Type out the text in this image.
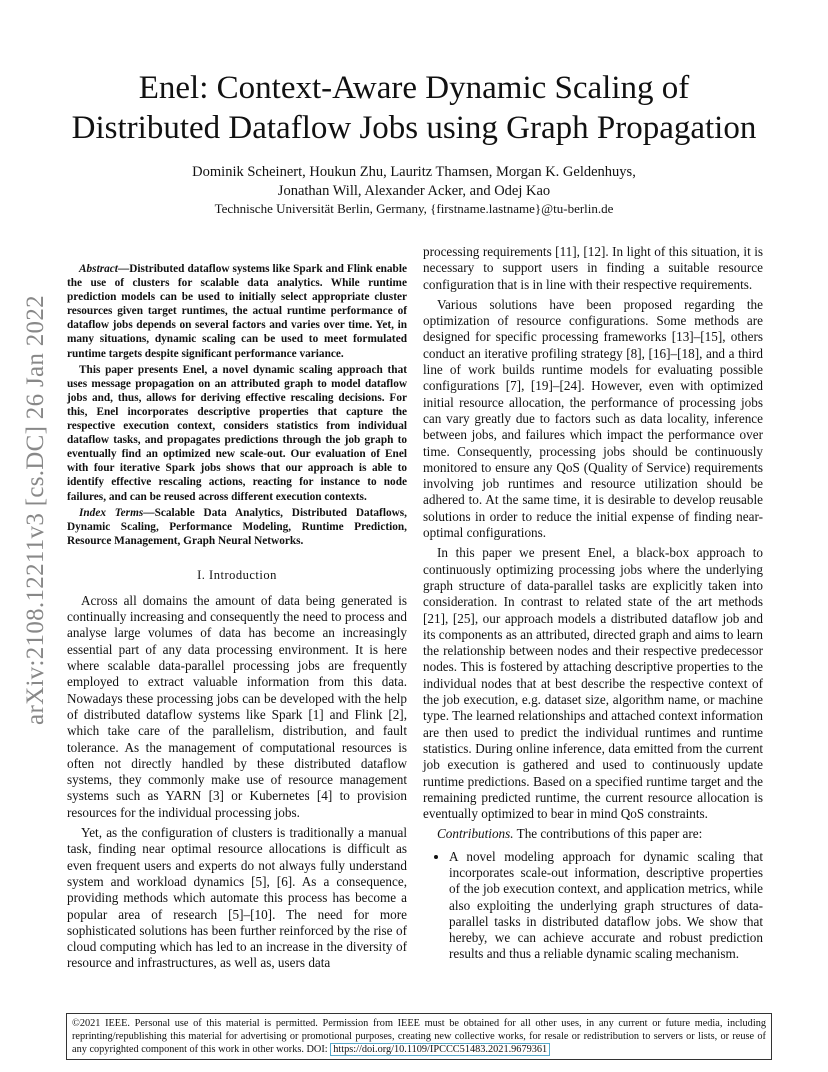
arXiv:2108.12211v3 [cs.DC] 26 Jan 2022
Enel: Context-Aware Dynamic Scaling of
Distributed Dataflow Jobs using Graph Propagation
Dominik Scheinert, Houkun Zhu, Lauritz Thamsen, Morgan K. Geldenhuys,
Jonathan Will, Alexander Acker, and Odej Kao
Technische Universität Berlin, Germany, {firstname.lastname}@tu-berlin.de

Abstract—Distributed dataflow systems like Spark and Flink enable the use of clusters for scalable data analytics. While runtime prediction models can be used to initially select appropriate cluster resources given target runtimes, the actual runtime performance of dataflow jobs depends on several factors and varies over time. Yet, in many situations, dynamic scaling can be used to meet formulated runtime targets despite significant performance variance.

This paper presents Enel, a novel dynamic scaling approach that uses message propagation on an attributed graph to model dataflow jobs and, thus, allows for deriving effective rescaling decisions. For this, Enel incorporates descriptive properties that capture the respective execution context, considers statistics from individual dataflow tasks, and propagates predictions through the job graph to eventually find an optimized new scale-out. Our evaluation of Enel with four iterative Spark jobs shows that our approach is able to identify effective rescaling actions, reacting for instance to node failures, and can be reused across different execution contexts.

Index Terms—Scalable Data Analytics, Distributed Dataflows, Dynamic Scaling, Performance Modeling, Runtime Prediction, Resource Management, Graph Neural Networks.

I. Introduction

Across all domains the amount of data being generated is continually increasing and consequently the need to process and analyse large volumes of data has become an increasingly essential part of any data processing environment. It is here where scalable data-parallel processing jobs are frequently employed to extract valuable information from this data. Nowadays these processing jobs can be developed with the help of distributed dataflow systems like Spark [1] and Flink [2], which take care of the parallelism, distribution, and fault tolerance. As the management of computational resources is often not directly handled by these distributed dataflow systems, they commonly make use of resource management systems such as YARN [3] or Kubernetes [4] to provision resources for the individual processing jobs.

Yet, as the configuration of clusters is traditionally a manual task, finding near optimal resource allocations is difficult as even frequent users and experts do not always fully understand system and workload dynamics [5], [6]. As a consequence, providing methods which automate this process has become a popular area of research [5]–[10]. The need for more sophisticated solutions has been further reinforced by the rise of cloud computing which has led to an increase in the diversity of resource and infrastructures, as well as, users data

processing requirements [11], [12]. In light of this situation, it is necessary to support users in finding a suitable resource configuration that is in line with their respective requirements.

Various solutions have been proposed regarding the optimization of resource configurations. Some methods are designed for specific processing frameworks [13]–[15], others conduct an iterative profiling strategy [8], [16]–[18], and a third line of work builds runtime models for evaluating possible configurations [7], [19]–[24]. However, even with optimized initial resource allocation, the performance of processing jobs can vary greatly due to factors such as data locality, inference between jobs, and failures which impact the performance over time. Consequently, processing jobs should be continuously monitored to ensure any QoS (Quality of Service) requirements involving job runtimes and resource utilization should be adhered to. At the same time, it is desirable to develop reusable solutions in order to reduce the initial expense of finding near-optimal configurations.

In this paper we present Enel, a black-box approach to continuously optimizing processing jobs where the underlying graph structure of data-parallel tasks are explicitly taken into consideration. In contrast to related state of the art methods [21], [25], our approach models a distributed dataflow job and its components as an attributed, directed graph and aims to learn the relationship between nodes and their respective predecessor nodes. This is fostered by attaching descriptive properties to the individual nodes that at best describe the respective context of the job execution, e.g. dataset size, algorithm name, or machine type. The learned relationships and attached context information are then used to predict the individual runtimes and runtime statistics. During online inference, data emitted from the current job execution is gathered and used to continuously update runtime predictions. Based on a specified runtime target and the remaining predicted runtime, the current resource allocation is eventually optimized to bear in mind QoS constraints.

Contributions. The contributions of this paper are:

• A novel modeling approach for dynamic scaling that incorporates scale-out information, descriptive properties of the job execution context, and application metrics, while also exploiting the underlying graph structures of data-parallel tasks in distributed dataflow jobs. We show that hereby, we can achieve accurate and robust prediction results and thus a reliable dynamic scaling mechanism.
©2021 IEEE. Personal use of this material is permitted. Permission from IEEE must be obtained for all other uses, in any current or future media, including reprinting/republishing this material for advertising or promotional purposes, creating new collective works, for resale or redistribution to servers or lists, or reuse of any copyrighted component of this work in other works. DOI: https://doi.org/10.1109/IPCCC51483.2021.9679361
